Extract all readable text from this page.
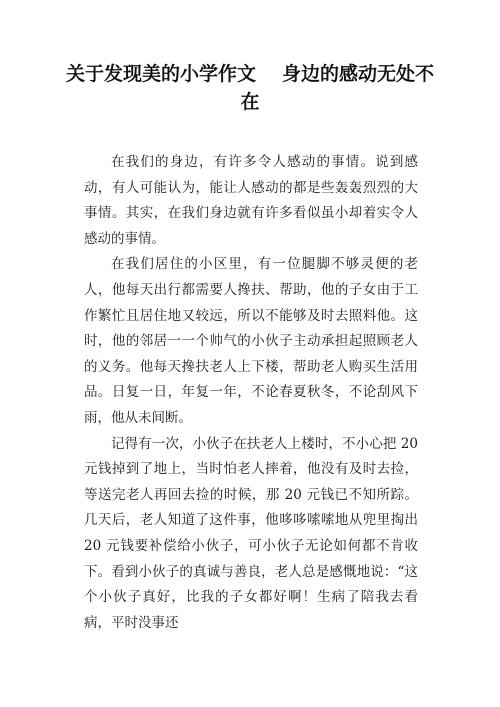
关于发现美的小学作文 身边的感动无处不在

在我们的身边，有许多令人感动的事情。说到感动，有人可能认为，能让人感动的都是些轰轰烈烈的大事情。其实，在我们身边就有许多看似虽小却着实令人感动的事情。

在我们居住的小区里，有一位腿脚不够灵便的老人，他每天出行都需要人搀扶、帮助，他的子女由于工作繁忙且居住地又较远，所以不能够及时去照料他。这时，他的邻居一一个帅气的小伙子主动承担起照顾老人的义务。他每天搀扶老人上下楼，帮助老人购买生活用品。日复一日，年复一年，不论春夏秋冬，不论刮风下雨，他从未间断。

记得有一次，小伙子在扶老人上楼时，不小心把 20 元钱掉到了地上，当时怕老人摔着，他没有及时去捡，等送完老人再回去捡的时候，那 20 元钱已不知所踪。几天后，老人知道了这件事，他哆哆嗦嗦地从兜里掏出 20 元钱要补偿给小伙子，可小伙子无论如何都不肯收下。看到小伙子的真诚与善良，老人总是感慨地说：“这个小伙子真好，比我的子女都好啊！生病了陪我去看病，平时没事还
